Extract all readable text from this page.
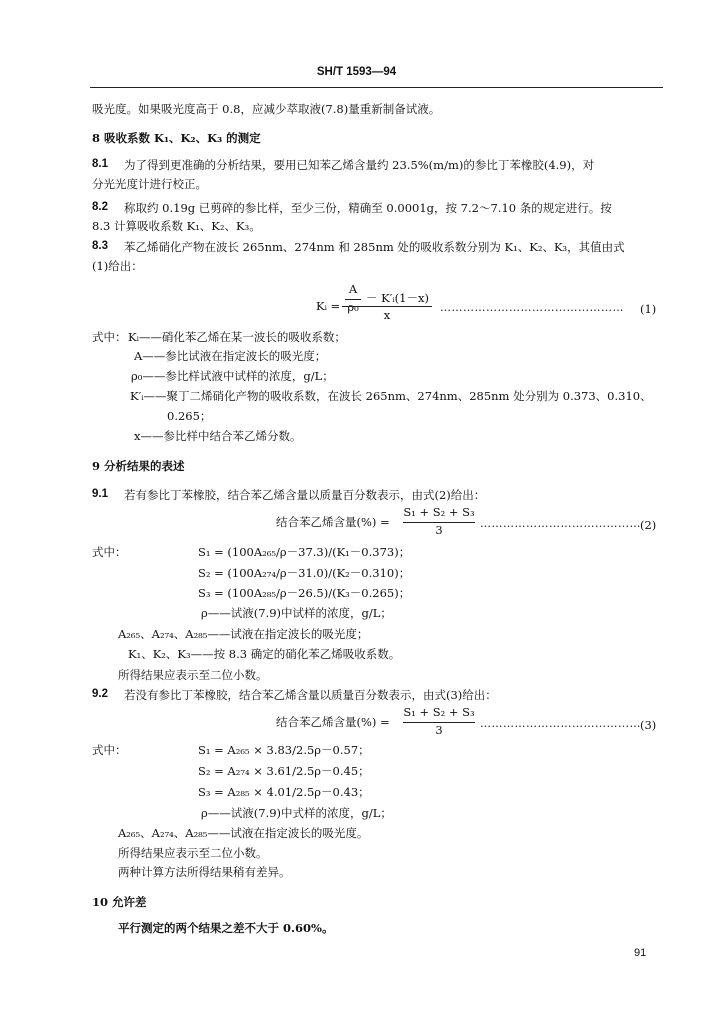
SH/T 1593—94
吸光度。如果吸光度高于 0.8，应减少萃取液(7.8)量重新制备试液。
8 吸收系数 K₁、K₂、K₃ 的测定
8.1 为了得到更准确的分析结果，要用已知苯乙烯含量约 23.5%(m/m)的参比丁苯橡胶(4.9)，对
分光光度计进行校正。
8.2 称取约 0.19g 已剪碎的参比样，至少三份，精确至 0.0001g，按 7.2～7.10 条的规定进行。按
8.3 计算吸收系数 K₁、K₂、K₃。
8.3 苯乙烯硝化产物在波长 265nm、274nm 和 285nm 处的吸收系数分别为 K₁、K₂、K₃，其值由式
(1)给出：
Kᵢ =
A
ρ₀
－ K′ᵢ(1－x)
x
………………………………………… (1)
式中： Kᵢ——硝化苯乙烯在某一波长的吸收系数；
A——参比试液在指定波长的吸光度；
ρ₀——参比样试液中试样的浓度，g/L；
K′ᵢ——聚丁二烯硝化产物的吸收系数，在波长 265nm、274nm、285nm 处分别为 0.373、0.310、
0.265；
x——参比样中结合苯乙烯分数。
9 分析结果的表述
9.1 若有参比丁苯橡胶，结合苯乙烯含量以质量百分数表示，由式(2)给出：
结合苯乙烯含量(%) =
S₁ + S₂ + S₃
3	…………………………………… (2)
式中：	S₁ = (100A₂₆₅/ρ－37.3)/(K₁－0.373)；
S₂ = (100A₂₇₄/ρ－31.0)/(K₂－0.310)；
S₃ = (100A₂₈₅/ρ－26.5)/(K₃－0.265)；
ρ——试液(7.9)中试样的浓度，g/L；
A₂₆₅、A₂₇₄、A₂₈₅——试液在指定波长的吸光度；
K₁、K₂、K₃——按 8.3 确定的硝化苯乙烯吸收系数。
所得结果应表示至二位小数。
9.2 若没有参比丁苯橡胶，结合苯乙烯含量以质量百分数表示，由式(3)给出：
结合苯乙烯含量(%) =
S₁ + S₂ + S₃
3	…………………………………… (3)
式中：	S₁ = A₂₆₅ × 3.83/2.5ρ－0.57；
S₂ = A₂₇₄ × 3.61/2.5ρ－0.45；
S₃ = A₂₈₅ × 4.01/2.5ρ－0.43；
ρ——试液(7.9)中式样的浓度，g/L；
A₂₆₅、A₂₇₄、A₂₈₅——试液在指定波长的吸光度。
所得结果应表示至二位小数。
两种计算方法所得结果稍有差异。
10 允许差
平行测定的两个结果之差不大于 0.60%。
91
